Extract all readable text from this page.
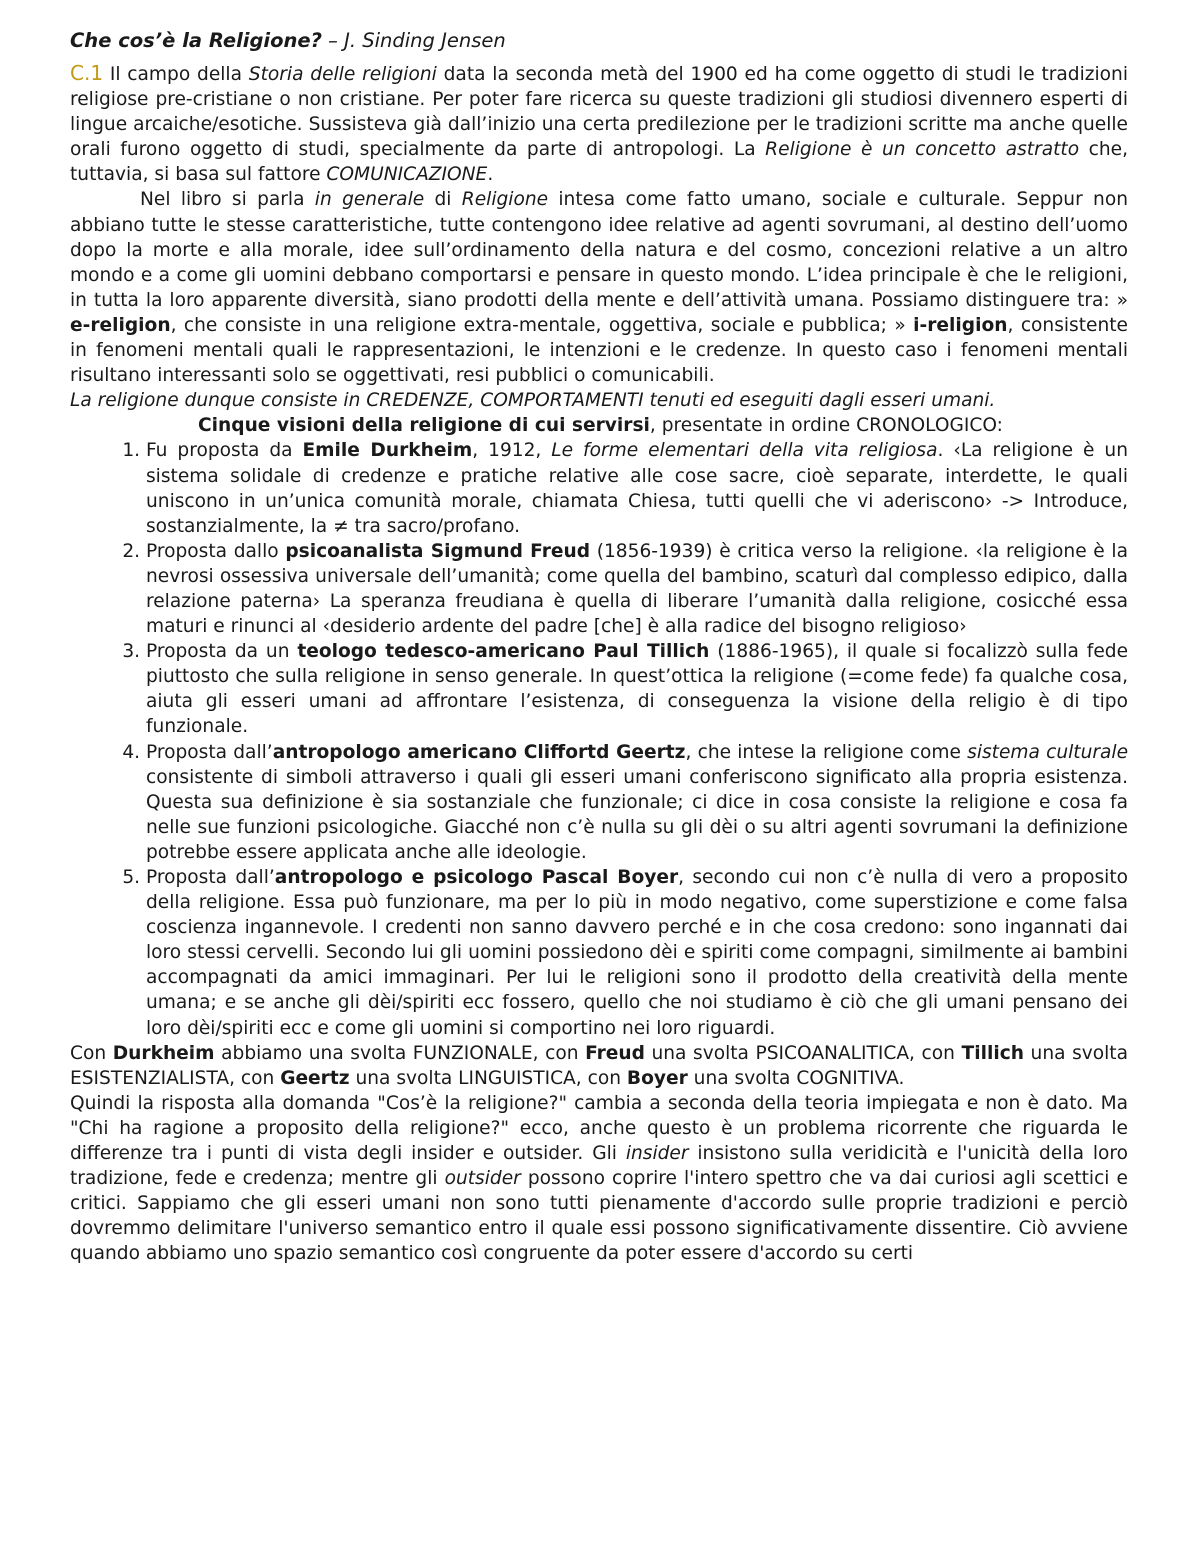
Che cos’è la Religione? – J. Sinding Jensen

C.1 Il campo della Storia delle religioni data la seconda metà del 1900 ed ha come oggetto di studi le tradizioni religiose pre-cristiane o non cristiane. Per poter fare ricerca su queste tradizioni gli studiosi divennero esperti di lingue arcaiche/esotiche. Sussisteva già dall’inizio una certa predilezione per le tradizioni scritte ma anche quelle orali furono oggetto di studi, specialmente da parte di antropologi. La Religione è un concetto astratto che, tuttavia, si basa sul fattore COMUNICAZIONE.

Nel libro si parla in generale di Religione intesa come fatto umano, sociale e culturale. Seppur non abbiano tutte le stesse caratteristiche, tutte contengono idee relative ad agenti sovrumani, al destino dell’uomo dopo la morte e alla morale, idee sull’ordinamento della natura e del cosmo, concezioni relative a un altro mondo e a come gli uomini debbano comportarsi e pensare in questo mondo. L’idea principale è che le religioni, in tutta la loro apparente diversità, siano prodotti della mente e dell’attività umana. Possiamo distinguere tra: » e-religion, che consiste in una religione extra-mentale, oggettiva, sociale e pubblica; » i-religion, consistente in fenomeni mentali quali le rappresentazioni, le intenzioni e le credenze. In questo caso i fenomeni mentali risultano interessanti solo se oggettivati, resi pubblici o comunicabili.

La religione dunque consiste in CREDENZE, COMPORTAMENTI tenuti ed eseguiti dagli esseri umani.

Cinque visioni della religione di cui servirsi, presentate in ordine CRONOLOGICO:

1. Fu proposta da Emile Durkheim, 1912, Le forme elementari della vita religiosa. ‹La religione è un sistema solidale di credenze e pratiche relative alle cose sacre, cioè separate, interdette, le quali uniscono in un’unica comunità morale, chiamata Chiesa, tutti quelli che vi aderiscono› -> Introduce, sostanzialmente, la ≠ tra sacro/profano.
2. Proposta dallo psicoanalista Sigmund Freud (1856-1939) è critica verso la religione. ‹la religione è la nevrosi ossessiva universale dell’umanità; come quella del bambino, scaturì dal complesso edipico, dalla relazione paterna› La speranza freudiana è quella di liberare l’umanità dalla religione, cosicché essa maturi e rinunci al ‹desiderio ardente del padre [che] è alla radice del bisogno religioso›
3. Proposta da un teologo tedesco-americano Paul Tillich (1886-1965), il quale si focalizzò sulla fede piuttosto che sulla religione in senso generale. In quest’ottica la religione (=come fede) fa qualche cosa, aiuta gli esseri umani ad affrontare l’esistenza, di conseguenza la visione della religio è di tipo funzionale.
4. Proposta dall’antropologo americano Cliffortd Geertz, che intese la religione come sistema culturale consistente di simboli attraverso i quali gli esseri umani conferiscono significato alla propria esistenza. Questa sua definizione è sia sostanziale che funzionale; ci dice in cosa consiste la religione e cosa fa nelle sue funzioni psicologiche. Giacché non c’è nulla su gli dèi o su altri agenti sovrumani la definizione potrebbe essere applicata anche alle ideologie.
5. Proposta dall’antropologo e psicologo Pascal Boyer, secondo cui non c’è nulla di vero a proposito della religione. Essa può funzionare, ma per lo più in modo negativo, come superstizione e come falsa coscienza ingannevole. I credenti non sanno davvero perché e in che cosa credono: sono ingannati dai loro stessi cervelli. Secondo lui gli uomini possiedono dèi e spiriti come compagni, similmente ai bambini accompagnati da amici immaginari. Per lui le religioni sono il prodotto della creatività della mente umana; e se anche gli dèi/spiriti ecc fossero, quello che noi studiamo è ciò che gli umani pensano dei loro dèi/spiriti ecc e come gli uomini si comportino nei loro riguardi.

Con Durkheim abbiamo una svolta FUNZIONALE, con Freud una svolta PSICOANALITICA, con Tillich una svolta ESISTENZIALISTA, con Geertz una svolta LINGUISTICA, con Boyer una svolta COGNITIVA.

Quindi la risposta alla domanda "Cos’è la religione?" cambia a seconda della teoria impiegata e non è dato. Ma "Chi ha ragione a proposito della religione?" ecco, anche questo è un problema ricorrente che riguarda le differenze tra i punti di vista degli insider e outsider. Gli insider insistono sulla veridicità e l'unicità della loro tradizione, fede e credenza; mentre gli outsider possono coprire l'intero spettro che va dai curiosi agli scettici e critici. Sappiamo che gli esseri umani non sono tutti pienamente d'accordo sulle proprie tradizioni e perciò dovremmo delimitare l'universo semantico entro il quale essi possono significativamente dissentire. Ciò avviene quando abbiamo uno spazio semantico così congruente da poter essere d'accordo su certi
